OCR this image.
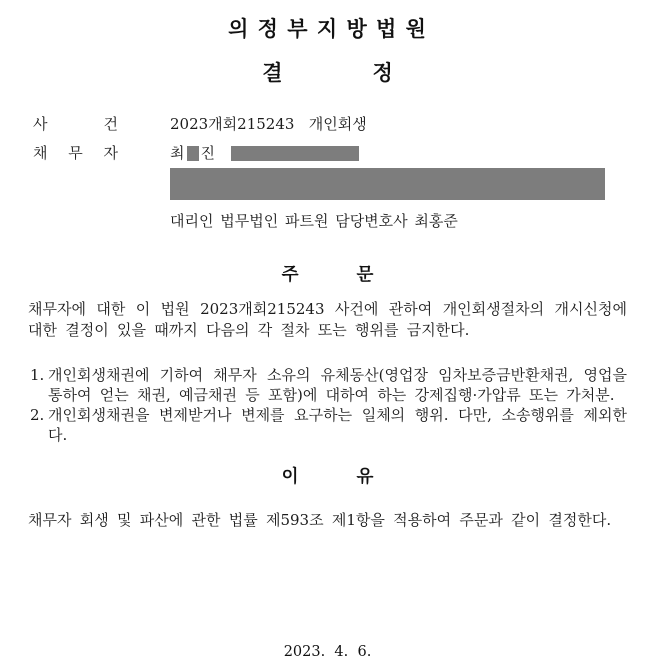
의 정 부 지 방 법 원
결	정
사	건	2023개회215243   개인회생
채 무 자	최 진
대리인 법무법인 파트원 담당변호사 최홍준
주	문

채무자에 대한 이 법원 2023개회215243 사건에 관하여 개인회생절차의 개시신청에 대한 결정이 있을 때까지 다음의 각 절차 또는 행위를 금지한다.

1. 개인회생채권에 기하여 채무자 소유의 유체동산(영업장 임차보증금반환채권, 영업을 통하여 얻는 채권, 예금채권 등 포함)에 대하여 하는 강제집행·가압류 또는 가처분.
2. 개인회생채권을 변제받거나 변제를 요구하는 일체의 행위. 다만, 소송행위를 제외한다.
이	유

채무자 회생 및 파산에 관한 법률 제593조 제1항을 적용하여 주문과 같이 결정한다.

2023.  4.  6.
